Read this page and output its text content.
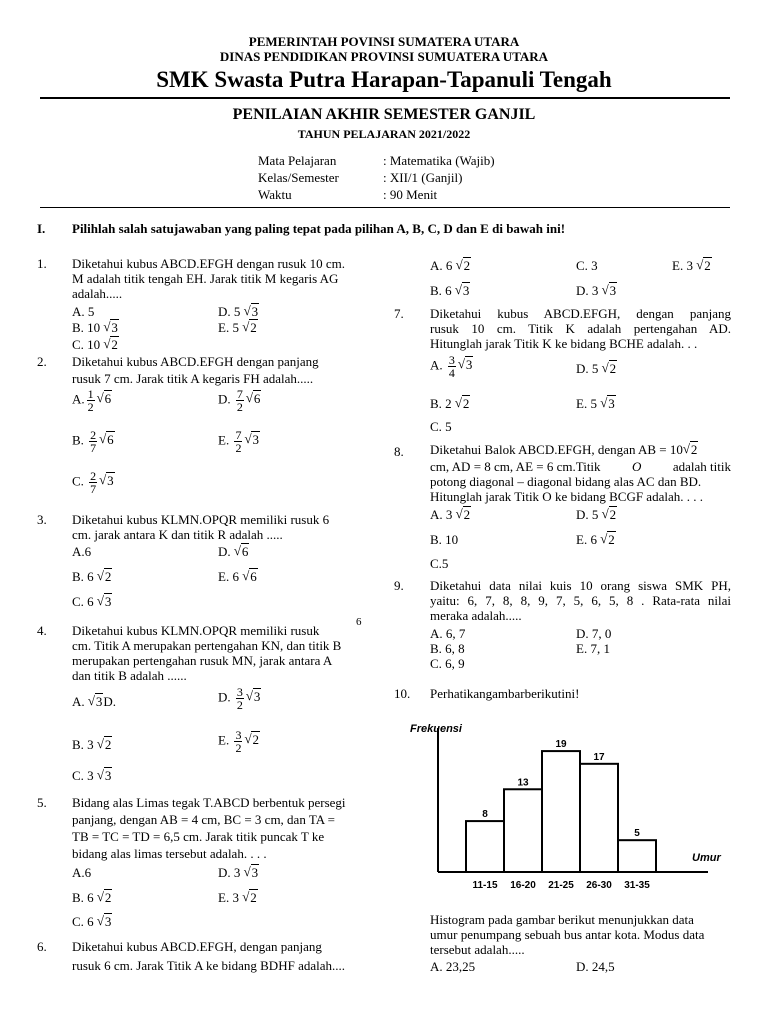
PEMERINTAH POVINSI SUMATERA UTARA
DINAS PENDIDIKAN PROVINSI SUMUATERA UTARA
SMK Swasta Putra Harapan-Tapanuli Tengah
PENILAIAN AKHIR SEMESTER GANJIL
TAHUN PELAJARAN 2021/2022
Mata Pelajaran	: Matematika (Wajib)
Kelas/Semester	: XII/1 (Ganjil)
Waktu	: 90 Menit
I. Pilihlah salah satujawaban yang paling tepat pada pilihan A, B, C, D dan E di bawah ini!
1. Diketahui kubus ABCD.EFGH dengan rusuk 10 cm.
M adalah titik tengah EH. Jarak titik M kegaris AG
adalah.....
A. 5	D. 5 √ 3
B. 10 √ 3	E. 5 √ 2
C. 10 √ 2
2. Diketahui kubus ABCD.EFGH dengan panjang
rusuk 7 cm. Jarak titik A kegaris FH adalah.....
A. $\frac{1}{2}$ √ 6	D. $\frac{7}{2}$ √ 6
B. $\frac{2}{7}$ √ 6	E. $\frac{7}{2}$ √ 3
C. $\frac{2}{7}$ √ 3
3. Diketahui kubus KLMN.OPQR memiliki rusuk 6
cm. jarak antara K dan titik R adalah .....
A.6	D. √ 6
B. 6 √ 2	E. 6 √ 6
C. 6 √ 3
4. Diketahui kubus KLMN.OPQR memiliki rusuk
6
cm. Titik A merupakan pertengahan KN, dan titik B
merupakan pertengahan rusuk MN, jarak antara A
dan titik B adalah ......
A. √ 3D.	D. $\frac{3}{2}$ √ 3
B. 3 √ 2	E. $\frac{3}{2}$ √ 2
C. 3 √ 3
5. Bidang alas Limas tegak T.ABCD berbentuk persegi
panjang, dengan AB = 4 cm, BC = 3 cm, dan TA =
TB = TC = TD = 6,5 cm. Jarak titik puncak T ke
bidang alas limas tersebut adalah. . . .
A.6	D. 3 √ 3
B. 6 √ 2	E. 3 √ 2
C. 6 √ 3
6. Diketahui kubus ABCD.EFGH, dengan panjang
rusuk 6 cm. Jarak Titik A ke bidang BDHF adalah....
A. 6 √ 2	C. 3	E. 3 √ 2
B. 6 √ 3	D. 3 √ 3
7. Diketahui kubus ABCD.EFGH, dengan panjang
rusuk 10 cm. Titik K adalah pertengahan AD.
Hitunglah jarak Titik K ke bidang BCHE adalah. . .
A. $\frac{3}{4}$ √ 3	D. 5 √ 2
B. 2 √ 2	E. 5 √ 3
C. 5
8. Diketahui Balok ABCD.EFGH, dengan AB = 10 √ 2
cm, AD = 8 cm, AE = 6 cm.Titik O adalah titik
potong diagonal – diagonal bidang alas AC dan BD.
Hitunglah jarak Titik O ke bidang BCGF adalah. . . .
A. 3 √ 2	D. 5 √ 2
B. 10	E. 6 √ 2
C.5
9. Diketahui data nilai kuis 10 orang siswa SMK PH,
yaitu: 6, 7, 8, 8, 9, 7, 5, 6, 5, 8 . Rata-rata nilai
meraka adalah.....
A. 6, 7	D. 7, 0
B. 6, 8	E. 7, 1
C. 6, 9
10. Perhatikangambarberikutini!
Frekuensi
Umur
8
11-15
13
16-20
19
21-25
17
26-30
5
31-35
Histogram pada gambar berikut menunjukkan data
umur penumpang sebuah bus antar kota. Modus data
tersebut adalah.....
A. 23,25	D. 24,5
